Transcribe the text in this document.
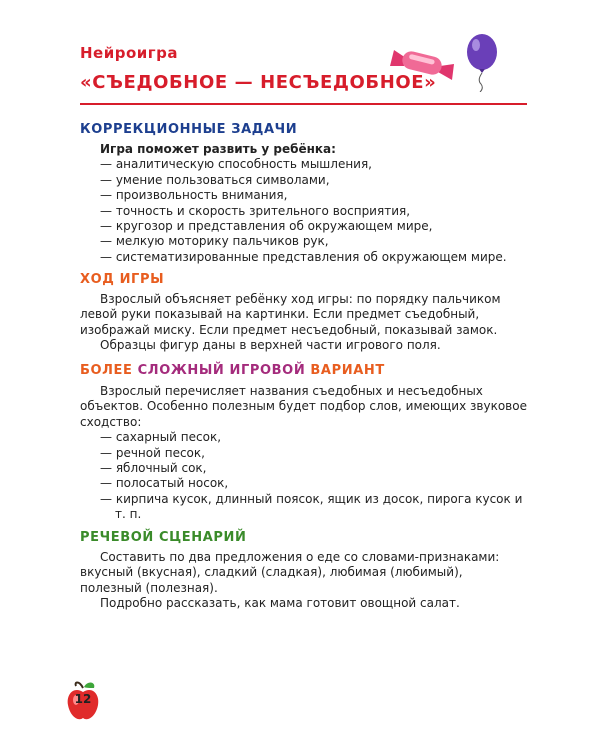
Нейроигра
«СЪЕДОБНОЕ — НЕСЪЕДОБНОЕ»
КОРРЕКЦИОННЫЕ ЗАДАЧИ

Игра поможет развить у ребёнка:

— аналитическую способность мышления,
— умение пользоваться символами,
— произвольность внимания,
— точность и скорость зрительного восприятия,
— кругозор и представления об окружающем мире,
— мелкую моторику пальчиков рук,
— систематизированные представления об окружающем мире.
ХОД ИГРЫ

Взрослый объясняет ребёнку ход игры: по порядку пальчиком левой руки показывай на картинки. Если предмет съедобный, изображай миску. Если предмет несъедобный, показывай замок.

Образцы фигур даны в верхней части игрового поля.

БОЛЕЕ СЛОЖНЫЙ ИГРОВОЙ ВАРИАНТ

Взрослый перечисляет названия съедобных и несъедобных объектов. Особенно полезным будет подбор слов, имеющих звуковое сходство:

— сахарный песок,
— речной песок,
— яблочный сок,
— полосатый носок,
— кирпича кусок, длинный поясок, ящик из досок, пирога кусок и т. п.
РЕЧЕВОЙ СЦЕНАРИЙ

Составить по два предложения о еде со словами-признаками: вкусный (вкусная), сладкий (сладкая), любимая (любимый), полезный (полезная).

Подробно рассказать, как мама готовит овощной салат.

12
